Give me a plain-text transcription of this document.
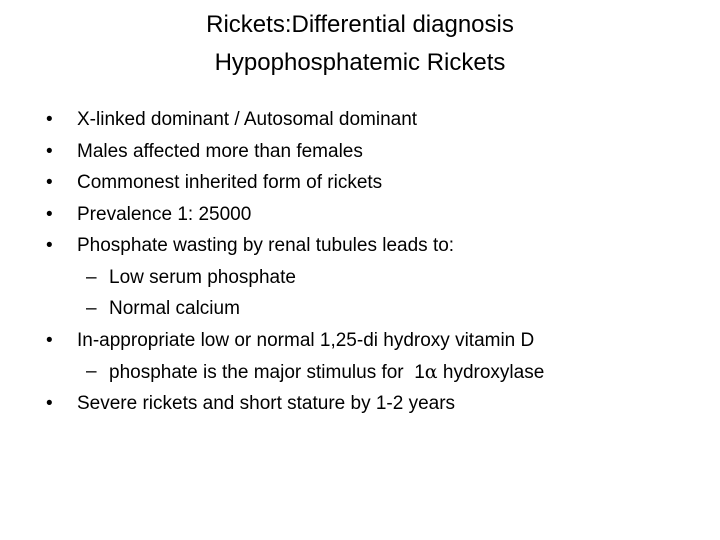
Rickets:Differential diagnosis
Hypophosphatemic Rickets
•	X-linked dominant / Autosomal dominant
•	Males affected more than females
•	Commonest inherited form of rickets
•	Prevalence 1: 25000
•	Phosphate wasting by renal tubules leads to:
– Low serum phosphate
– Normal calcium
•	In-appropriate low or normal 1,25-di hydroxy vitamin D
– phosphate is the major stimulus for  1α hydroxylase
•	Severe rickets and short stature by 1-2 years
